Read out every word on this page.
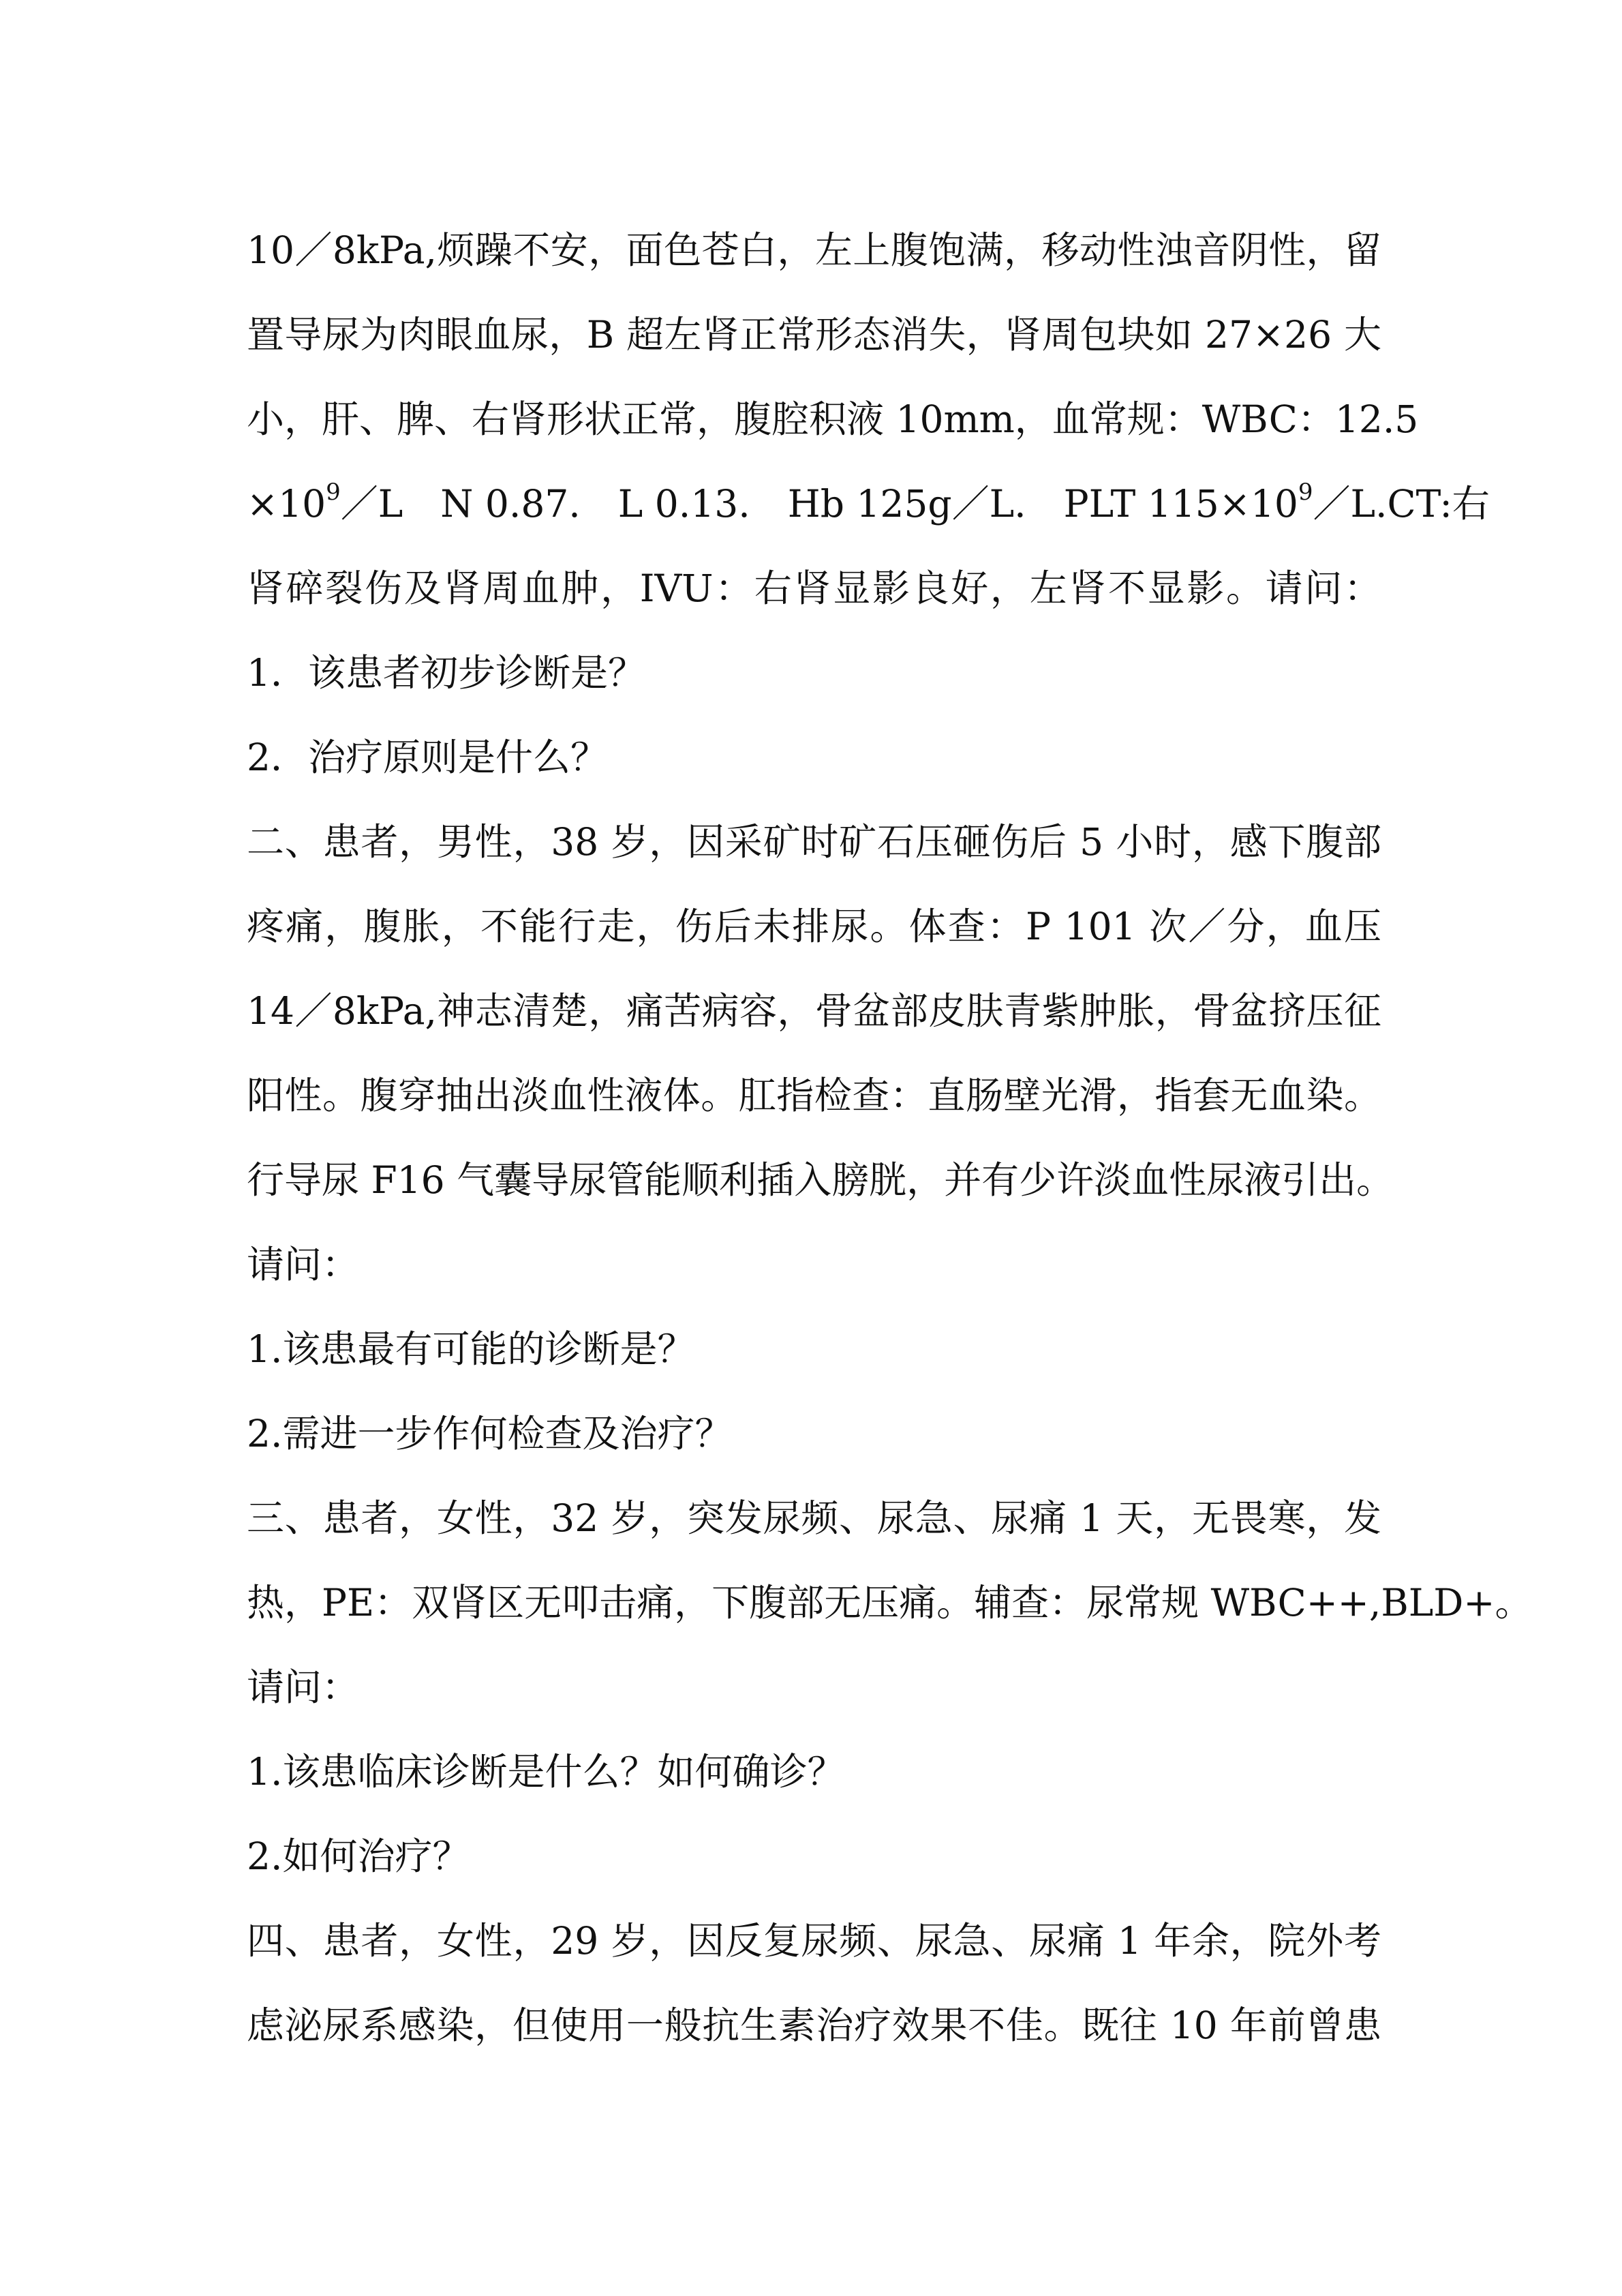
10／8kPa,烦躁不安，面色苍白，左上腹饱满，移动性浊音阴性，留
置导尿为肉眼血尿，B 超左肾正常形态消失，肾周包块如 27×26 大
小，肝、脾、右肾形状正常，腹腔积液 10mm，血常规：WBC：12.5
$\times 10^9/L$　N 0.87.　L 0.13.　Hb 125g／L.　PLT $115\times 10^9/L.CT$:右
肾碎裂伤及肾周血肿，IVU：右肾显影良好，左肾不显影。请问：
1．该患者初步诊断是？
2．治疗原则是什么？
二、患者，男性，38 岁，因采矿时矿石压砸伤后 5 小时，感下腹部
疼痛，腹胀，不能行走，伤后未排尿。体查：P 101 次／分，血压
14／8kPa,神志清楚，痛苦病容，骨盆部皮肤青紫肿胀，骨盆挤压征
阳性。腹穿抽出淡血性液体。肛指检查：直肠壁光滑，指套无血染。
行导尿 F16 气囊导尿管能顺利插入膀胱，并有少许淡血性尿液引出。
请问：
1.该患最有可能的诊断是？
2.需进一步作何检查及治疗？
三、患者，女性，32 岁，突发尿频、尿急、尿痛 1 天，无畏寒，发
热，PE：双肾区无叩击痛，下腹部无压痛。辅查：尿常规 WBC++,BLD+。
请问：
1.该患临床诊断是什么？如何确诊？
2.如何治疗？
四、患者，女性，29 岁，因反复尿频、尿急、尿痛 1 年余，院外考
虑泌尿系感染，但使用一般抗生素治疗效果不佳。既往 10 年前曾患
